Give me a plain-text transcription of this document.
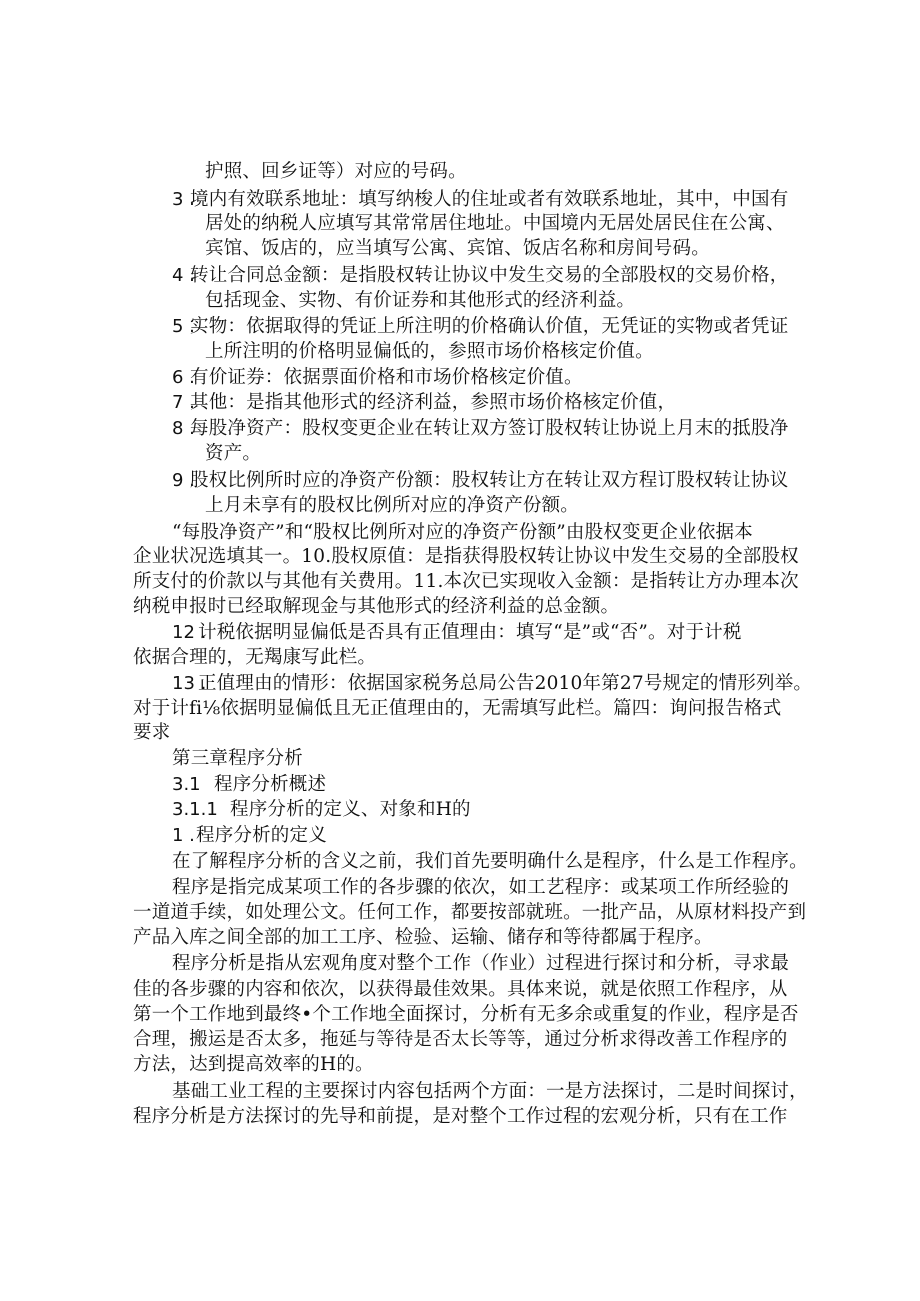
护照、回乡证等）对应的号码。
3 .
境内有效联系地址：填写纳梭人的住址或者有效联系地址，其中，中国有
居处的纳税人应填写其常常居住地址。中国境内无居处居民住在公寓、
宾馆、饭店的，应当填写公寓、宾馆、饭店名称和房间号码。
4 .
转让合同总金额：是指股权转让协议中发生交易的全部股权的交易价格，
包括现金、实物、有价证券和其他形式的经济利益。
5 .
实物：依据取得的凭证上所注明的价格确认价值，无凭证的实物或者凭证
上所注明的价格明显偏低的，参照市场价格核定价值。
6 .
有价证券：依据票面价格和市场价格核定价值。
7 .
其他：是指其他形式的经济利益，参照市场价格核定价值，
8 .
每股净资产：股权变更企业在转让双方签订股权转让协说上月末的抵股净
资产。
9 .
股权比例所时应的净资产份额：股权转让方在转让双方程订股权转让协议
上月未享有的股权比例所对应的净资产份额。
“每股净资产”和“股权比例所对应的净资产份额”由股权变更企业依据本
企业状况选填其一。10.股权原值：是指获得股权转让协议中发生交易的全部股权
所支付的价款以与其他有关费用。11.本次已实现收入金额：是指转让方办理本次
纳税申报时已经取解现金与其他形式的经济利益的总金额。
12 .
计税依据明显偏低是否具有正值理由：填写“是”或“否”。对于计税
依据合理的，无羯康写此栏。
13 .
正值理由的情形：依据国家税务总局公告2010年第27号规定的情形列举。
对于计fi⅛依据明显偏低且无正值理由的，无需填写此栏。篇四：询问报告格式
要求
第三章程序分析
3.1 程序分析概述
3.1.1 程序分析的定义、对象和H的
1 . 程序分析的定义
在了解程序分析的含义之前，我们首先要明确什么是程序，什么是工作程序。
程序是指完成某项工作的各步骤的依次，如工艺程序：或某项工作所经验的
一道道手续，如处理公文。任何工作，都要按部就班。一批产品，从原材料投产到
产品入库之间全部的加工工序、检验、运输、储存和等待都属于程序。
程序分析是指从宏观角度对整个工作（作业）过程进行探讨和分析，寻求最
佳的各步骤的内容和依次，以获得最佳效果。具体来说，就是依照工作程序，从
第一个工作地到最终•个工作地全面探讨，分析有无多余或重复的作业，程序是否
合理，搬运是否太多，拖延与等待是否太长等等，通过分析求得改善工作程序的
方法，达到提高效率的H的。
基础工业工程的主要探讨内容包括两个方面：一是方法探讨，二是时间探讨，
程序分析是方法探讨的先导和前提，是对整个工作过程的宏观分析，只有在工作
